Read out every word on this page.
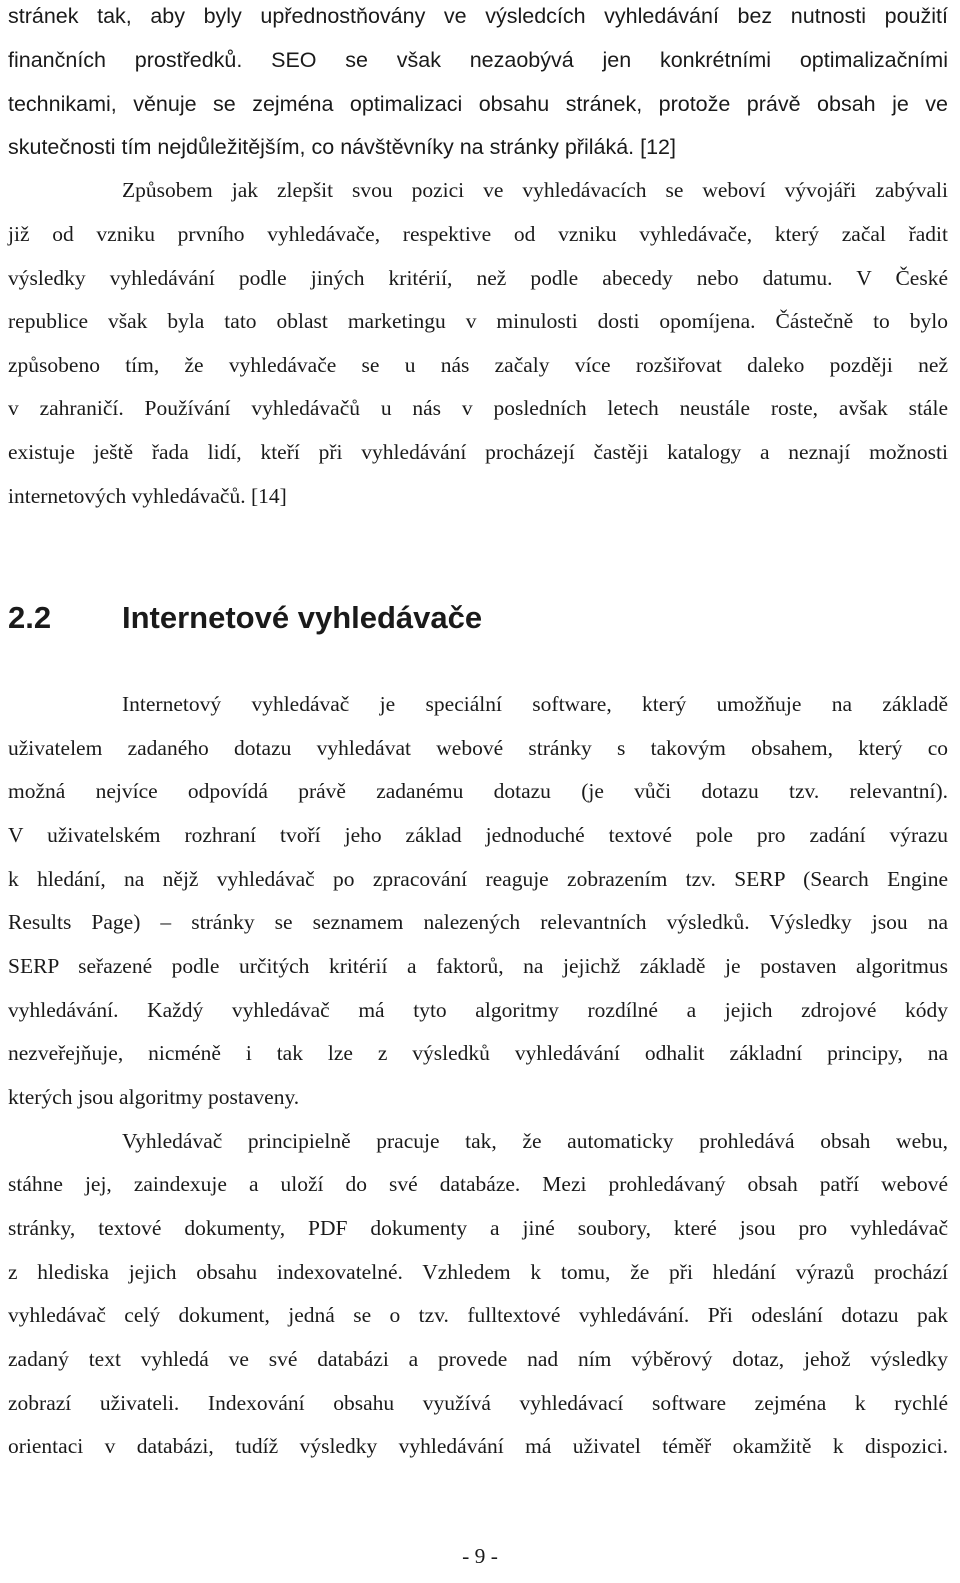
stránek tak, aby byly upřednostňovány ve výsledcích vyhledávání bez nutnosti použití
finančních prostředků. SEO se však nezaobývá jen konkrétními optimalizačními
technikami, věnuje se zejména optimalizaci obsahu stránek, protože právě obsah je ve
skutečnosti tím nejdůležitějším, co návštěvníky na stránky přiláká. [12]
Způsobem jak zlepšit svou pozici ve vyhledávacích se weboví vývojáři zabývali
již od vzniku prvního vyhledávače, respektive od vzniku vyhledávače, který začal řadit
výsledky vyhledávání podle jiných kritérií, než podle abecedy nebo datumu. V České
republice však byla tato oblast marketingu v minulosti dosti opomíjena. Částečně to bylo
způsobeno tím, že vyhledávače se u nás začaly více rozšiřovat daleko později než
v zahraničí. Používání vyhledávačů u nás v posledních letech neustále roste, avšak stále
existuje ještě řada lidí, kteří při vyhledávání procházejí častěji katalogy a neznají možnosti
internetových vyhledávačů. [14]
2.2 Internetové vyhledávače
Internetový vyhledávač je speciální software, který umožňuje na základě
uživatelem zadaného dotazu vyhledávat webové stránky s takovým obsahem, který co
možná nejvíce odpovídá právě zadanému dotazu (je vůči dotazu tzv. relevantní).
V uživatelském rozhraní tvoří jeho základ jednoduché textové pole pro zadání výrazu
k hledání, na nějž vyhledávač po zpracování reaguje zobrazením tzv. SERP (Search Engine
Results Page) – stránky se seznamem nalezených relevantních výsledků. Výsledky jsou na
SERP seřazené podle určitých kritérií a faktorů, na jejichž základě je postaven algoritmus
vyhledávání. Každý vyhledávač má tyto algoritmy rozdílné a jejich zdrojové kódy
nezveřejňuje, nicméně i tak lze z výsledků vyhledávání odhalit základní principy, na
kterých jsou algoritmy postaveny.
Vyhledávač principielně pracuje tak, že automaticky prohledává obsah webu,
stáhne jej, zaindexuje a uloží do své databáze. Mezi prohledávaný obsah patří webové
stránky, textové dokumenty, PDF dokumenty a jiné soubory, které jsou pro vyhledávač
z hlediska jejich obsahu indexovatelné. Vzhledem k tomu, že při hledání výrazů prochází
vyhledávač celý dokument, jedná se o tzv. fulltextové vyhledávání. Při odeslání dotazu pak
zadaný text vyhledá ve své databázi a provede nad ním výběrový dotaz, jehož výsledky
zobrazí uživateli. Indexování obsahu využívá vyhledávací software zejména k rychlé
orientaci v databázi, tudíž výsledky vyhledávání má uživatel téměř okamžitě k dispozici.
- 9 -
